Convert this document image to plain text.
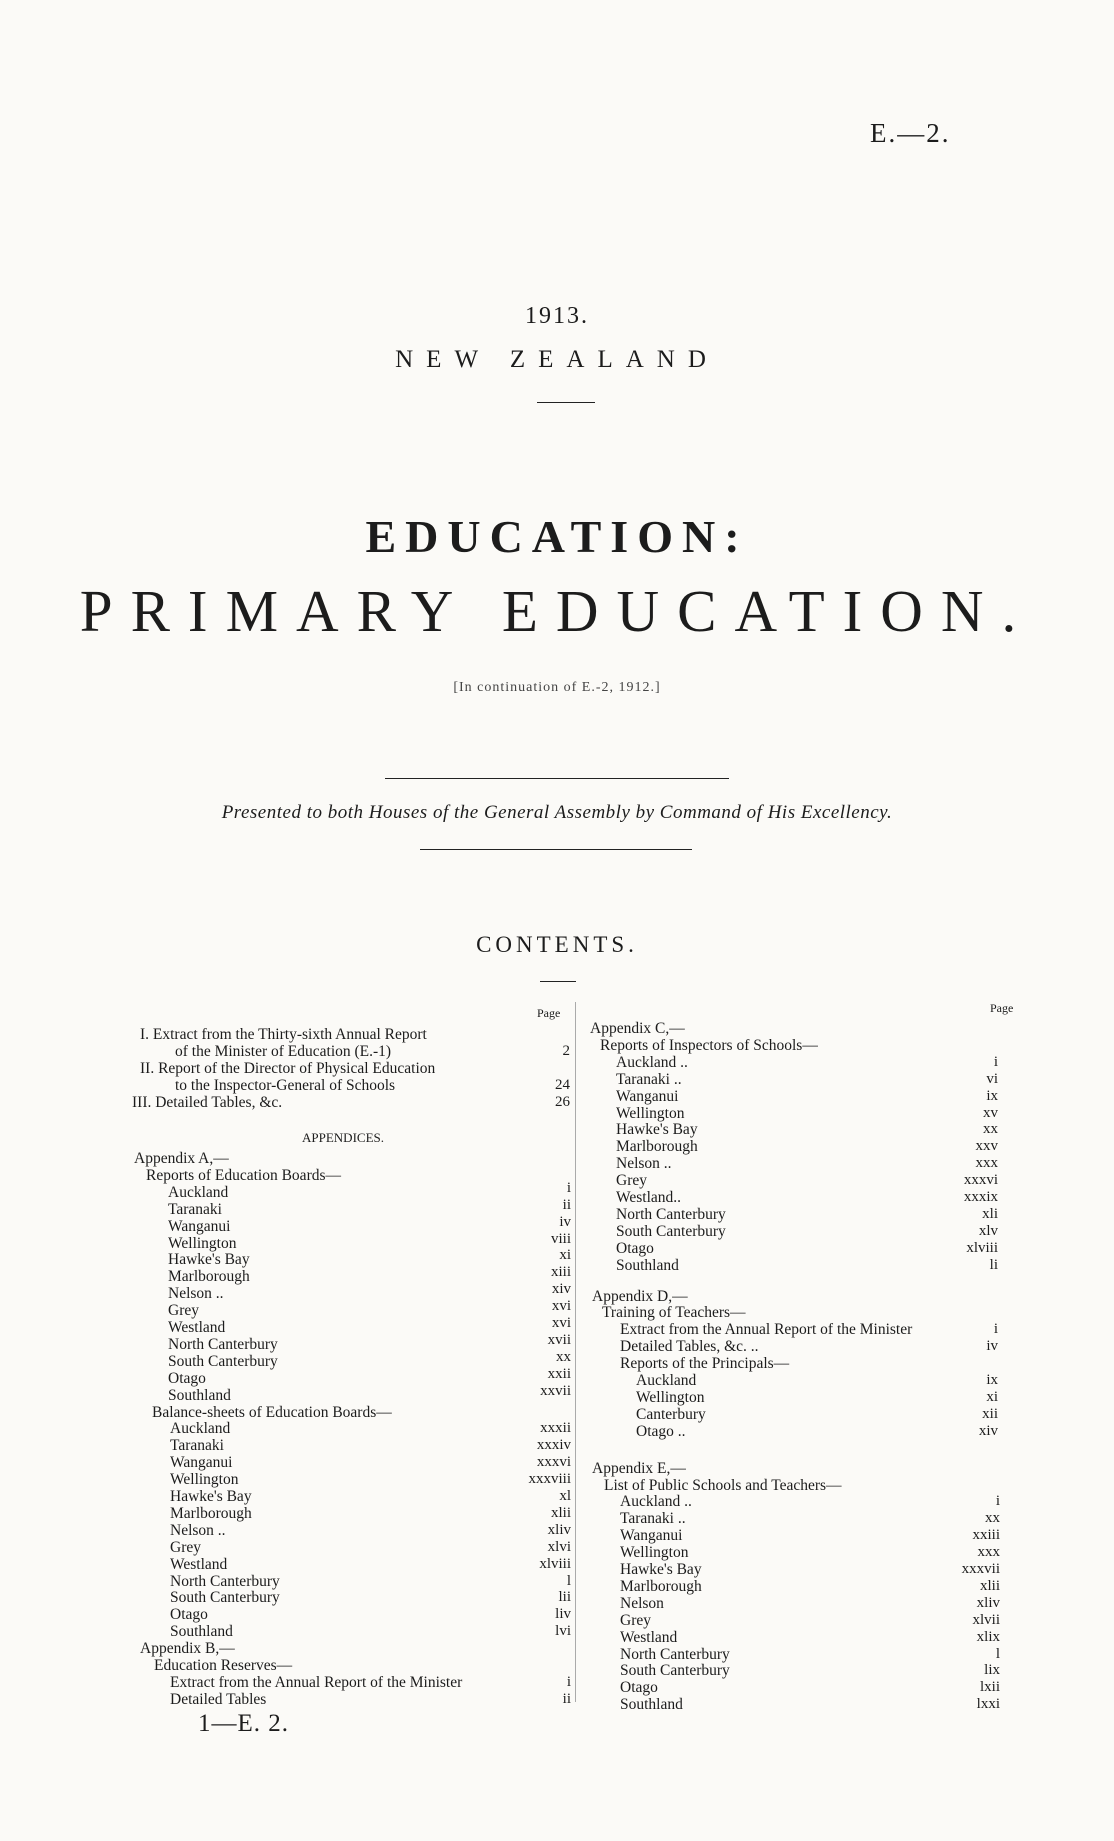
E.—2.
1913.
NEW ZEALAND
EDUCATION:
PRIMARY EDUCATION.
[In continuation of E.-2, 1912.]
Presented to both Houses of the General Assembly by Command of His Excellency.
CONTENTS.
Page	Page
I. Extract from the Thirty-sixth Annual Report
of the Minister of Education (E.-1)	2
II. Report of the Director of Physical Education
to the Inspector-General of Schools	24
III. Detailed Tables, &c.	26
APPENDICES.
Appendix A,—
Reports of Education Boards—
Auckland	i
Taranaki	ii
Wanganui	iv
Wellington	viii
Hawke's Bay	xi
Marlborough	xiii
Nelson ..	xiv
Grey	xvi
Westland	xvi
North Canterbury	xvii
South Canterbury	xx
Otago	xxii
Southland	xxvii
Balance-sheets of Education Boards—
Auckland	xxxii
Taranaki	xxxiv
Wanganui	xxxvi
Wellington	xxxviii
Hawke's Bay	xl
Marlborough	xlii
Nelson ..	xliv
Grey	xlvi
Westland	xlviii
North Canterbury	l
South Canterbury	lii
Otago	liv
Southland	lvi
Appendix B,—
Education Reserves—
Extract from the Annual Report of the Minister	i
Detailed Tables	ii
Appendix C,—
Reports of Inspectors of Schools—
Auckland ..	i
Taranaki ..	vi
Wanganui	ix
Wellington	xv
Hawke's Bay	xx
Marlborough	xxv
Nelson ..	xxx
Grey	xxxvi
Westland..	xxxix
North Canterbury	xli
South Canterbury	xlv
Otago	xlviii
Southland	li
Appendix D,—
Training of Teachers—
Extract from the Annual Report of the Minister	i
Detailed Tables, &c. ..	iv
Reports of the Principals—
Auckland	ix
Wellington	xi
Canterbury	xii
Otago ..	xiv
Appendix E,—
List of Public Schools and Teachers—
Auckland ..	i
Taranaki ..	xx
Wanganui	xxiii
Wellington	xxx
Hawke's Bay	xxxvii
Marlborough	xlii
Nelson	xliv
Grey	xlvii
Westland	xlix
North Canterbury	l
South Canterbury	lix
Otago	lxii
Southland	lxxi
1—E. 2.
